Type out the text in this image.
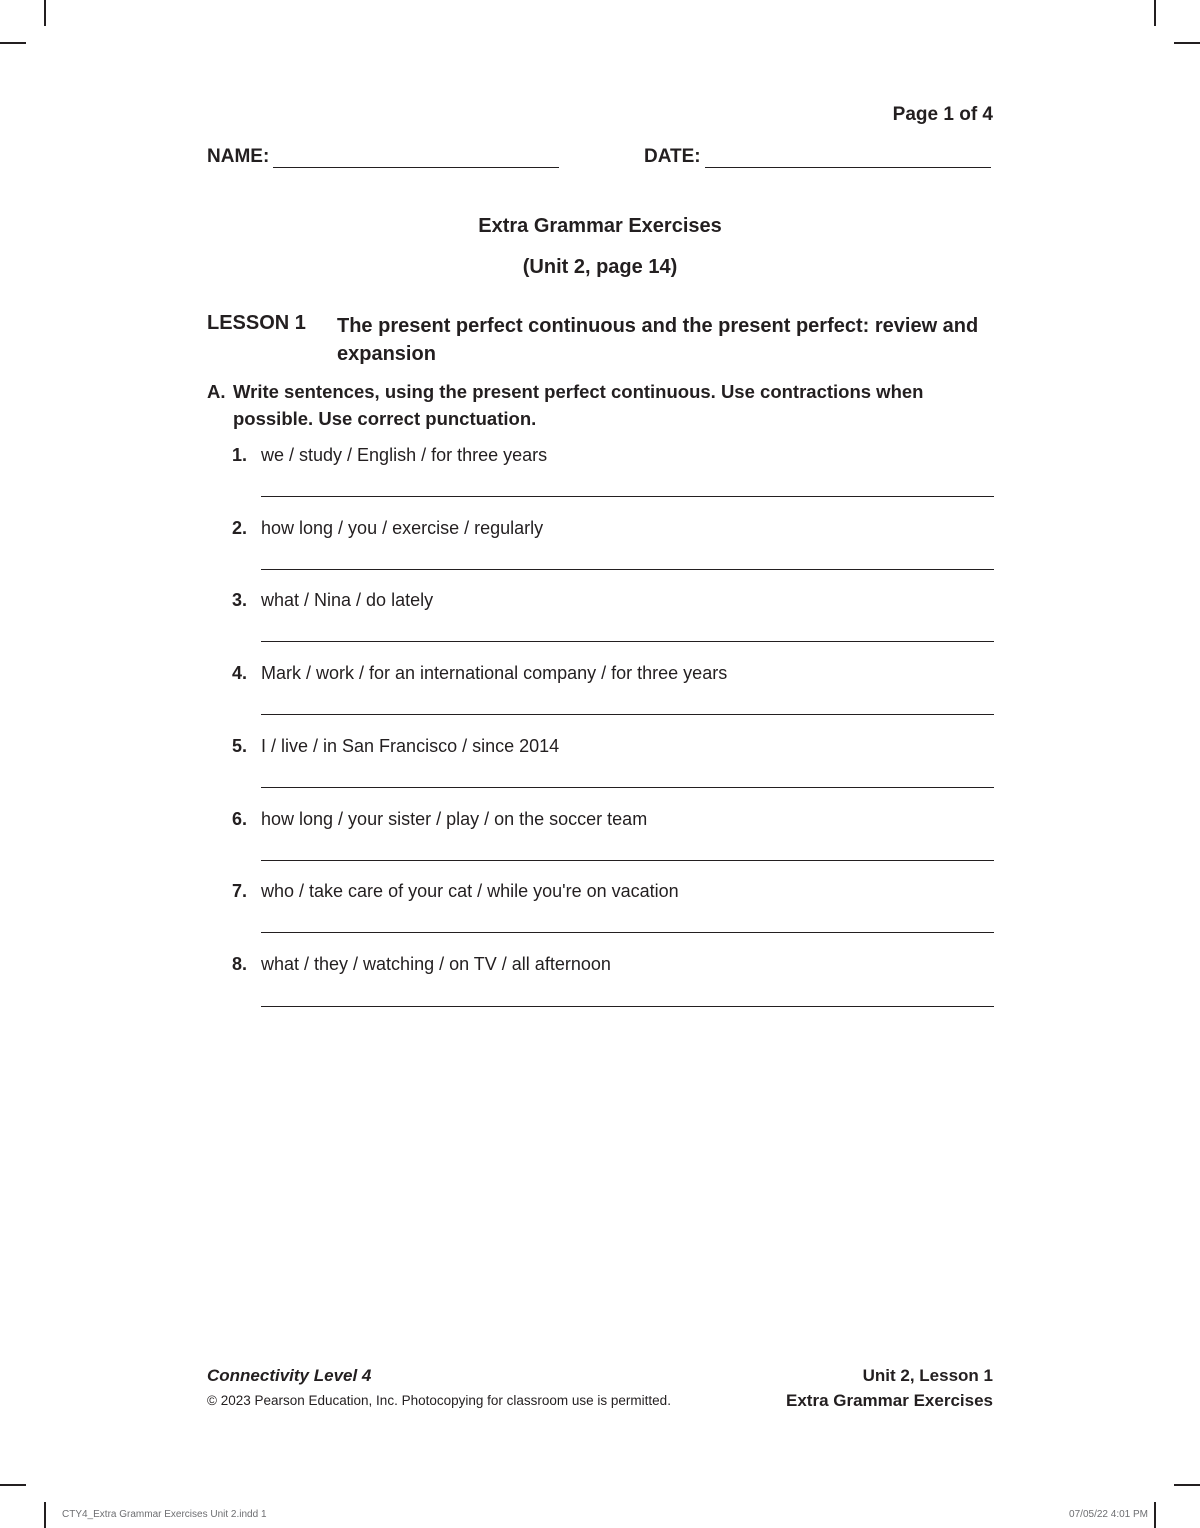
Page 1 of 4
NAME:	DATE:
Extra Grammar Exercises
(Unit 2, page 14)
LESSON 1 The present perfect continuous and the present perfect: review and expansion
A. Write sentences, using the present perfect continuous. Use contractions when
possible. Use correct punctuation.
1. we / study / English / for three years
2. how long / you / exercise / regularly
3. what / Nina / do lately
4. Mark / work / for an international company / for three years
5. I / live / in San Francisco / since 2014
6. how long / your sister / play / on the soccer team
7. who / take care of your cat / while you're on vacation
8. what / they / watching / on TV / all afternoon
Connectivity Level 4
© 2023 Pearson Education, Inc. Photocopying for classroom use is permitted.
Unit 2, Lesson 1
Extra Grammar Exercises
CTY4_Extra Grammar Exercises Unit 2.indd 1	07/05/22 4:01 PM
